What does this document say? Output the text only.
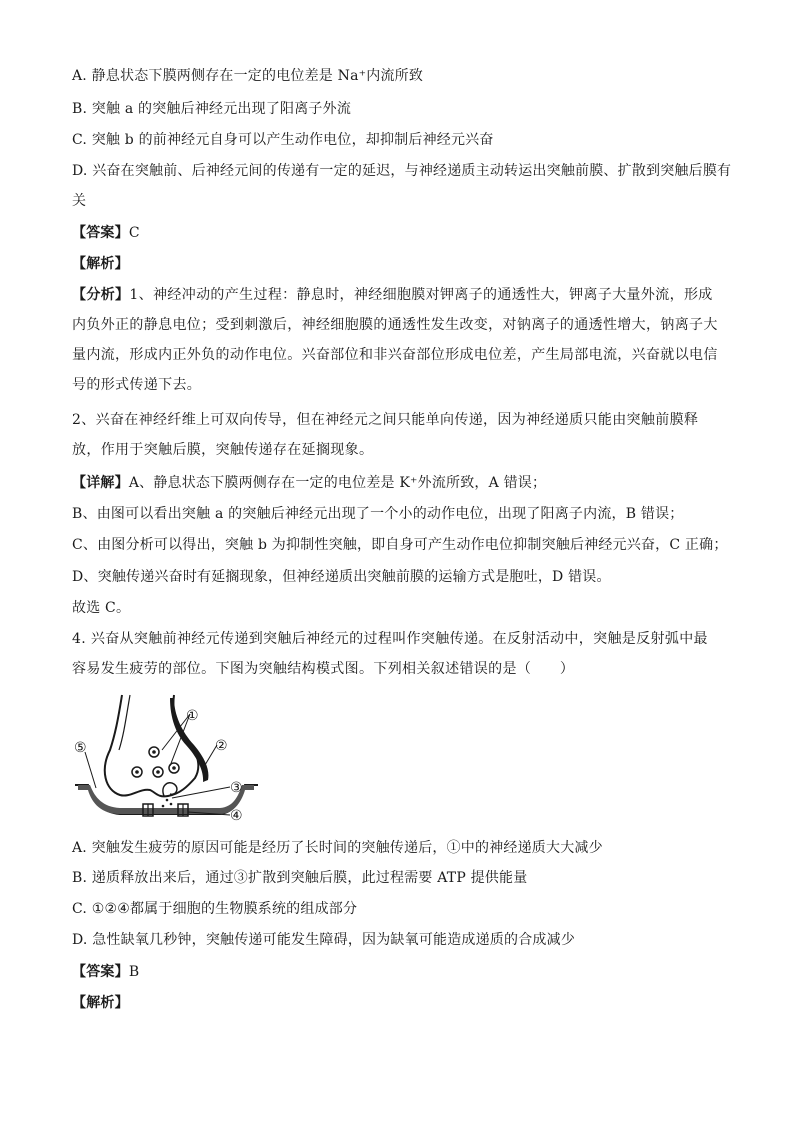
A. 静息状态下膜两侧存在一定的电位差是 Na⁺内流所致
B. 突触 a 的突触后神经元出现了阳离子外流
C. 突触 b 的前神经元自身可以产生动作电位，却抑制后神经元兴奋
D. 兴奋在突触前、后神经元间的传递有一定的延迟，与神经递质主动转运出突触前膜、扩散到突触后膜有
关
【答案】C
【解析】
【分析】1、神经冲动的产生过程：静息时，神经细胞膜对钾离子的通透性大，钾离子大量外流，形成内负外正的静息电位；受到刺激后，神经细胞膜的通透性发生改变，对钠离子的通透性增大，钠离子大量内流，形成内正外负的动作电位。兴奋部位和非兴奋部位形成电位差，产生局部电流，兴奋就以电信号的形式传递下去。
2、兴奋在神经纤维上可双向传导，但在神经元之间只能单向传递，因为神经递质只能由突触前膜释放，作用于突触后膜，突触传递存在延搁现象。
【详解】A、静息状态下膜两侧存在一定的电位差是 K⁺外流所致，A 错误；
B、由图可以看出突触 a 的突触后神经元出现了一个小的动作电位，出现了阳离子内流，B 错误；
C、由图分析可以得出，突触 b 为抑制性突触，即自身可产生动作电位抑制突触后神经元兴奋，C 正确；
D、突触传递兴奋时有延搁现象，但神经递质出突触前膜的运输方式是胞吐，D 错误。
故选 C。
4. 兴奋从突触前神经元传递到突触后神经元的过程叫作突触传递。在反射活动中，突触是反射弧中最容易发生疲劳的部位。下图为突触结构模式图。下列相关叙述错误的是（　　）
①
②
③
④
⑤
A. 突触发生疲劳的原因可能是经历了长时间的突触传递后，①中的神经递质大大减少
B. 递质释放出来后，通过③扩散到突触后膜，此过程需要 ATP 提供能量
C. ①②④都属于细胞的生物膜系统的组成部分
D. 急性缺氧几秒钟，突触传递可能发生障碍，因为缺氧可能造成递质的合成减少
【答案】B
【解析】
